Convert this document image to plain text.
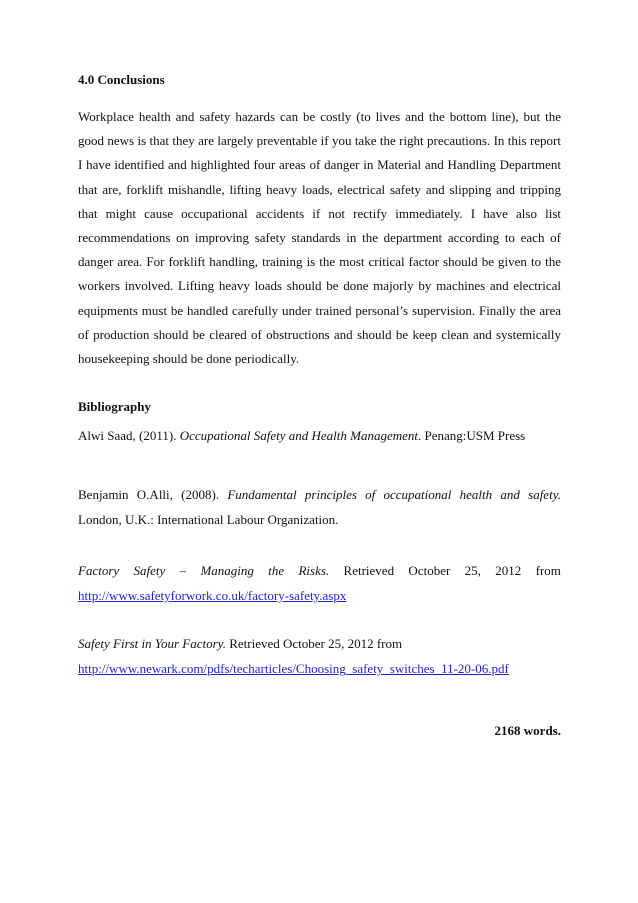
4.0 Conclusions

Workplace health and safety hazards can be costly (to lives and the bottom line), but the good news is that they are largely preventable if you take the right precautions. In this report I have identified and highlighted four areas of danger in Material and Handling Department that are, forklift mishandle, lifting heavy loads, electrical safety and slipping and tripping that might cause occupational accidents if not rectify immediately. I have also list recommendations on improving safety standards in the department according to each of danger area. For forklift handling, training is the most critical factor should be given to the workers involved. Lifting heavy loads should be done majorly by machines and electrical equipments must be handled carefully under trained personal’s supervision. Finally the area of production should be cleared of obstructions and should be keep clean and systemically housekeeping should be done periodically.

Bibliography

Alwi Saad, (2011). Occupational Safety and Health Management. Penang:USM Press

Benjamin O.Alli, (2008). Fundamental principles of occupational health and safety. London, U.K.: International Labour Organization.

Factory Safety – Managing the Risks. Retrieved October 25, 2012 from
http://www.safetyforwork.co.uk/factory-safety.aspx
Safety First in Your Factory. Retrieved October 25, 2012 from
http://www.newark.com/pdfs/techarticles/Choosing_safety_switches_11-20-06.pdf
2168 words.
